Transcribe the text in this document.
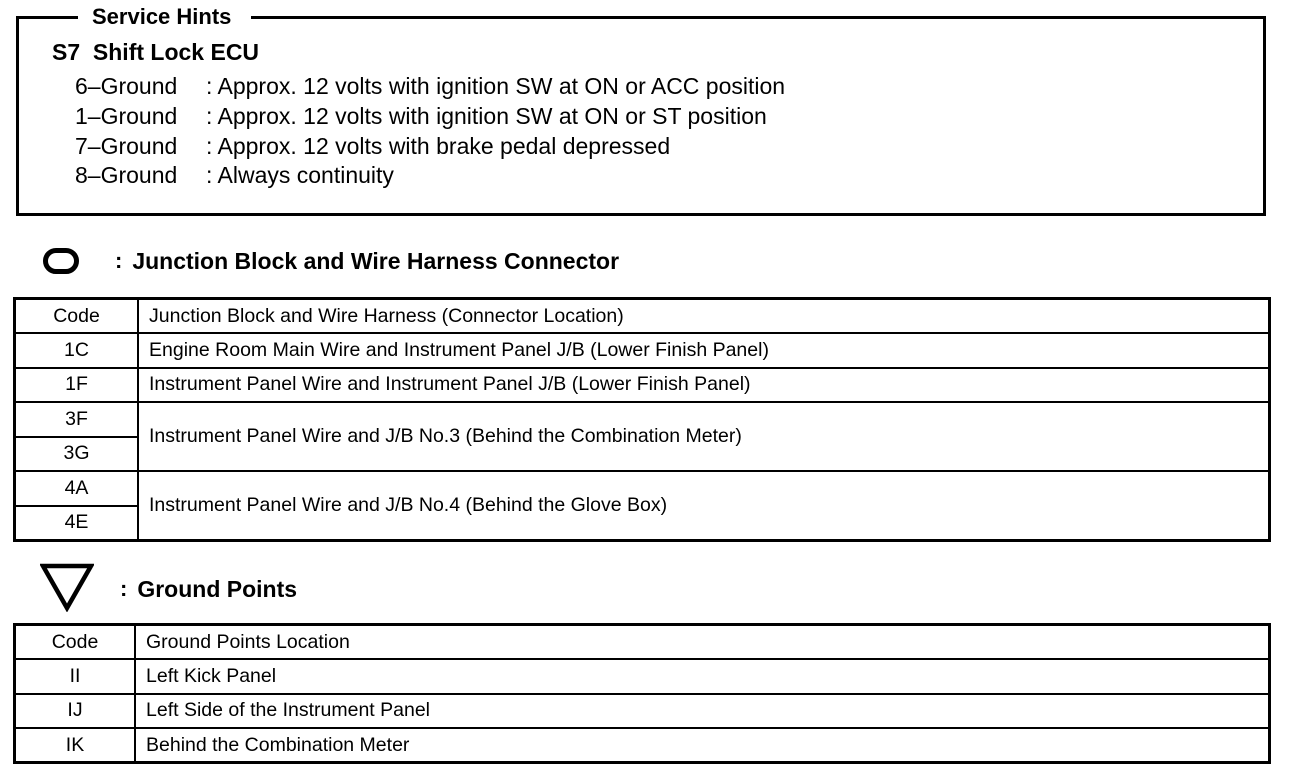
Service Hints
S7  Shift Lock ECU
6–Ground : Approx. 12 volts with ignition SW at ON or ACC position
1–Ground : Approx. 12 volts with ignition SW at ON or ST position
7–Ground : Approx. 12 volts with brake pedal depressed
8–Ground : Always continuity
: Junction Block and Wire Harness Connector
Code	Junction Block and Wire Harness (Connector Location)
1C	Engine Room Main Wire and Instrument Panel J/B (Lower Finish Panel)
1F	Instrument Panel Wire and Instrument Panel J/B (Lower Finish Panel)
3F	Instrument Panel Wire and J/B No.3 (Behind the Combination Meter)
3G	
4A	Instrument Panel Wire and J/B No.4 (Behind the Glove Box)
4E	
: Ground Points
Code	Ground Points Location
II	Left Kick Panel
IJ	Left Side of the Instrument Panel
IK	Behind the Combination Meter
